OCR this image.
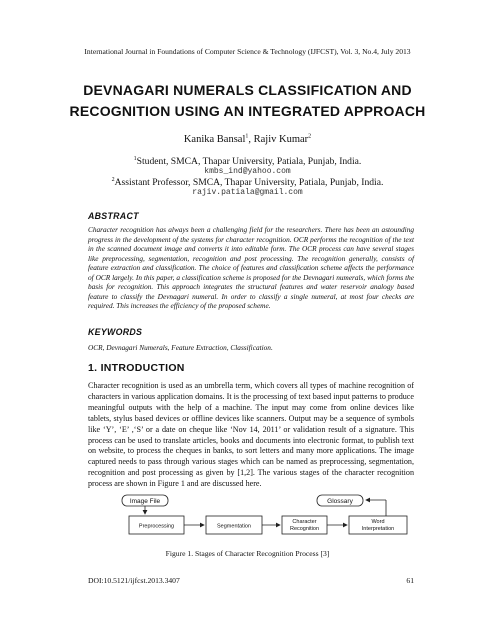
International Journal in Foundations of Computer Science & Technology (IJFCST), Vol. 3, No.4, July 2013
DEVNAGARI NUMERALS CLASSIFICATION AND
RECOGNITION USING AN INTEGRATED APPROACH
Kanika Bansal$^1$, Rajiv Kumar$^2$
$^1$Student, SMCA, Thapar University, Patiala, Punjab, India.
kmbs_ind@yahoo.com
$^2$Assistant Professor, SMCA, Thapar University, Patiala, Punjab, India.
rajiv.patiala@gmail.com
ABSTRACT
Character recognition has always been a challenging field for the researchers. There has been an astounding progress in the development of the systems for character recognition. OCR performs the recognition of the text in the scanned document image and converts it into editable form. The OCR process can have several stages like preprocessing, segmentation, recognition and post processing. The recognition generally, consists of feature extraction and classification. The choice of features and classification scheme affects the performance of OCR largely. In this paper, a classification scheme is proposed for the Devnagari numerals, which forms the basis for recognition. This approach integrates the structural features and water reservoir analogy based feature to classify the Devnagari numeral. In order to classify a single numeral, at most four checks are required. This increases the efficiency of the proposed scheme.
KEYWORDS
OCR, Devnagari Numerals, Feature Extraction, Classification.
1. INTRODUCTION
Character recognition is used as an umbrella term, which covers all types of machine recognition of characters in various application domains. It is the processing of text based input patterns to produce meaningful outputs with the help of a machine. The input may come from online devices like tablets, stylus based devices or offline devices like scanners. Output may be a sequence of symbols like ‘Y’, ‘E’ ,‘S’ or a date on cheque like ‘Nov 14, 2011’ or validation result of a signature. This process can be used to translate articles, books and documents into electronic format, to publish text on website, to process the cheques in banks, to sort letters and many more applications. The image captured needs to pass through various stages which can be named as preprocessing, segmentation, recognition and post processing as given by [1,2]. The various stages of the character recognition process are shown in Figure 1 and are discussed here.
Image File	Glossary
Preprocessing	Segmentation
Character Recognition
Word Interpretation
Figure 1. Stages of Character Recognition Process [3]
DOI:10.5121/ijfcst.2013.3407	61
